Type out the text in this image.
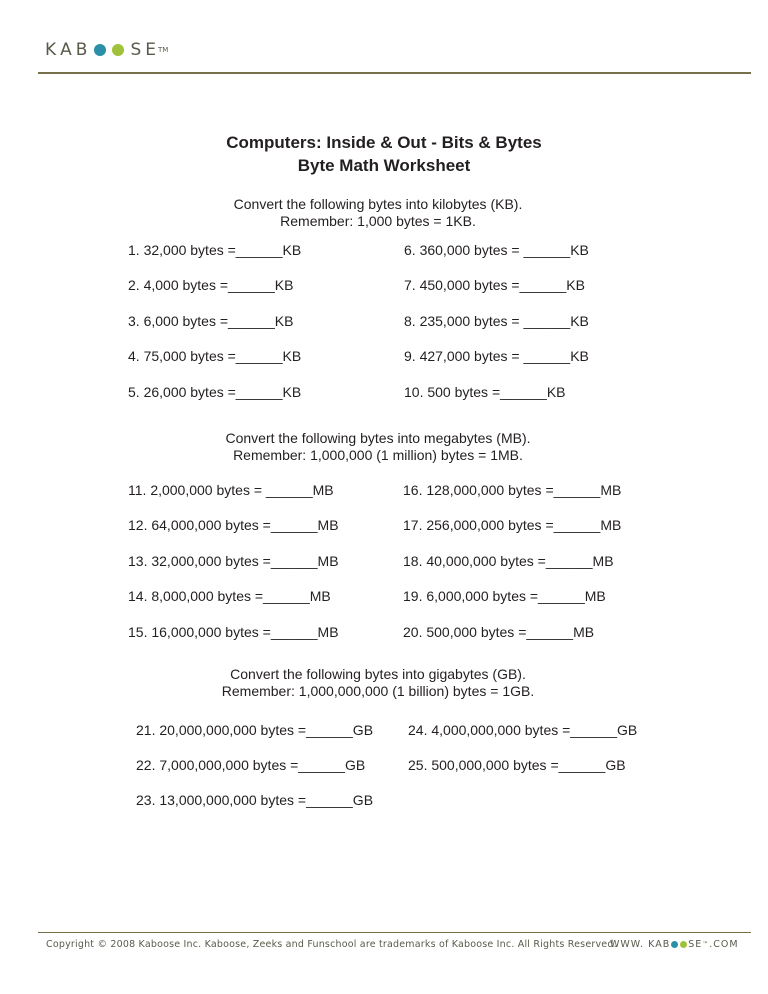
K A B S E
TM
Computers: Inside & Out - Bits & Bytes
Byte Math Worksheet
Convert the following bytes into kilobytes (KB).
Remember: 1,000 bytes = 1KB.
1. 32,000 bytes =______KB
2. 4,000 bytes =______KB
3. 6,000 bytes =______KB
4. 75,000 bytes =______KB
5. 26,000 bytes =______KB
6. 360,000 bytes = ______KB
7. 450,000 bytes =______KB
8. 235,000 bytes = ______KB
9. 427,000 bytes = ______KB
10. 500 bytes =______KB
Convert the following bytes into megabytes (MB).
Remember: 1,000,000 (1 million) bytes = 1MB.
11. 2,000,000 bytes = ______MB
12. 64,000,000 bytes =______MB
13. 32,000,000 bytes =______MB
14. 8,000,000 bytes =______MB
15. 16,000,000 bytes =______MB
16. 128,000,000 bytes =______MB
17. 256,000,000 bytes =______MB
18. 40,000,000 bytes =______MB
19. 6,000,000 bytes =______MB
20. 500,000 bytes =______MB
Convert the following bytes into gigabytes (GB).
Remember: 1,000,000,000 (1 billion) bytes = 1GB.
21. 20,000,000,000 bytes =______GB
22. 7,000,000,000 bytes =______GB
23. 13,000,000,000 bytes =______GB
24. 4,000,000,000 bytes =______GB
25. 500,000,000 bytes =______GB
Copyright © 2008 Kaboose Inc. Kaboose, Zeeks and Funschool are trademarks of Kaboose Inc. All Rights Reserved.
WWW. KAB SE ™ .COM
